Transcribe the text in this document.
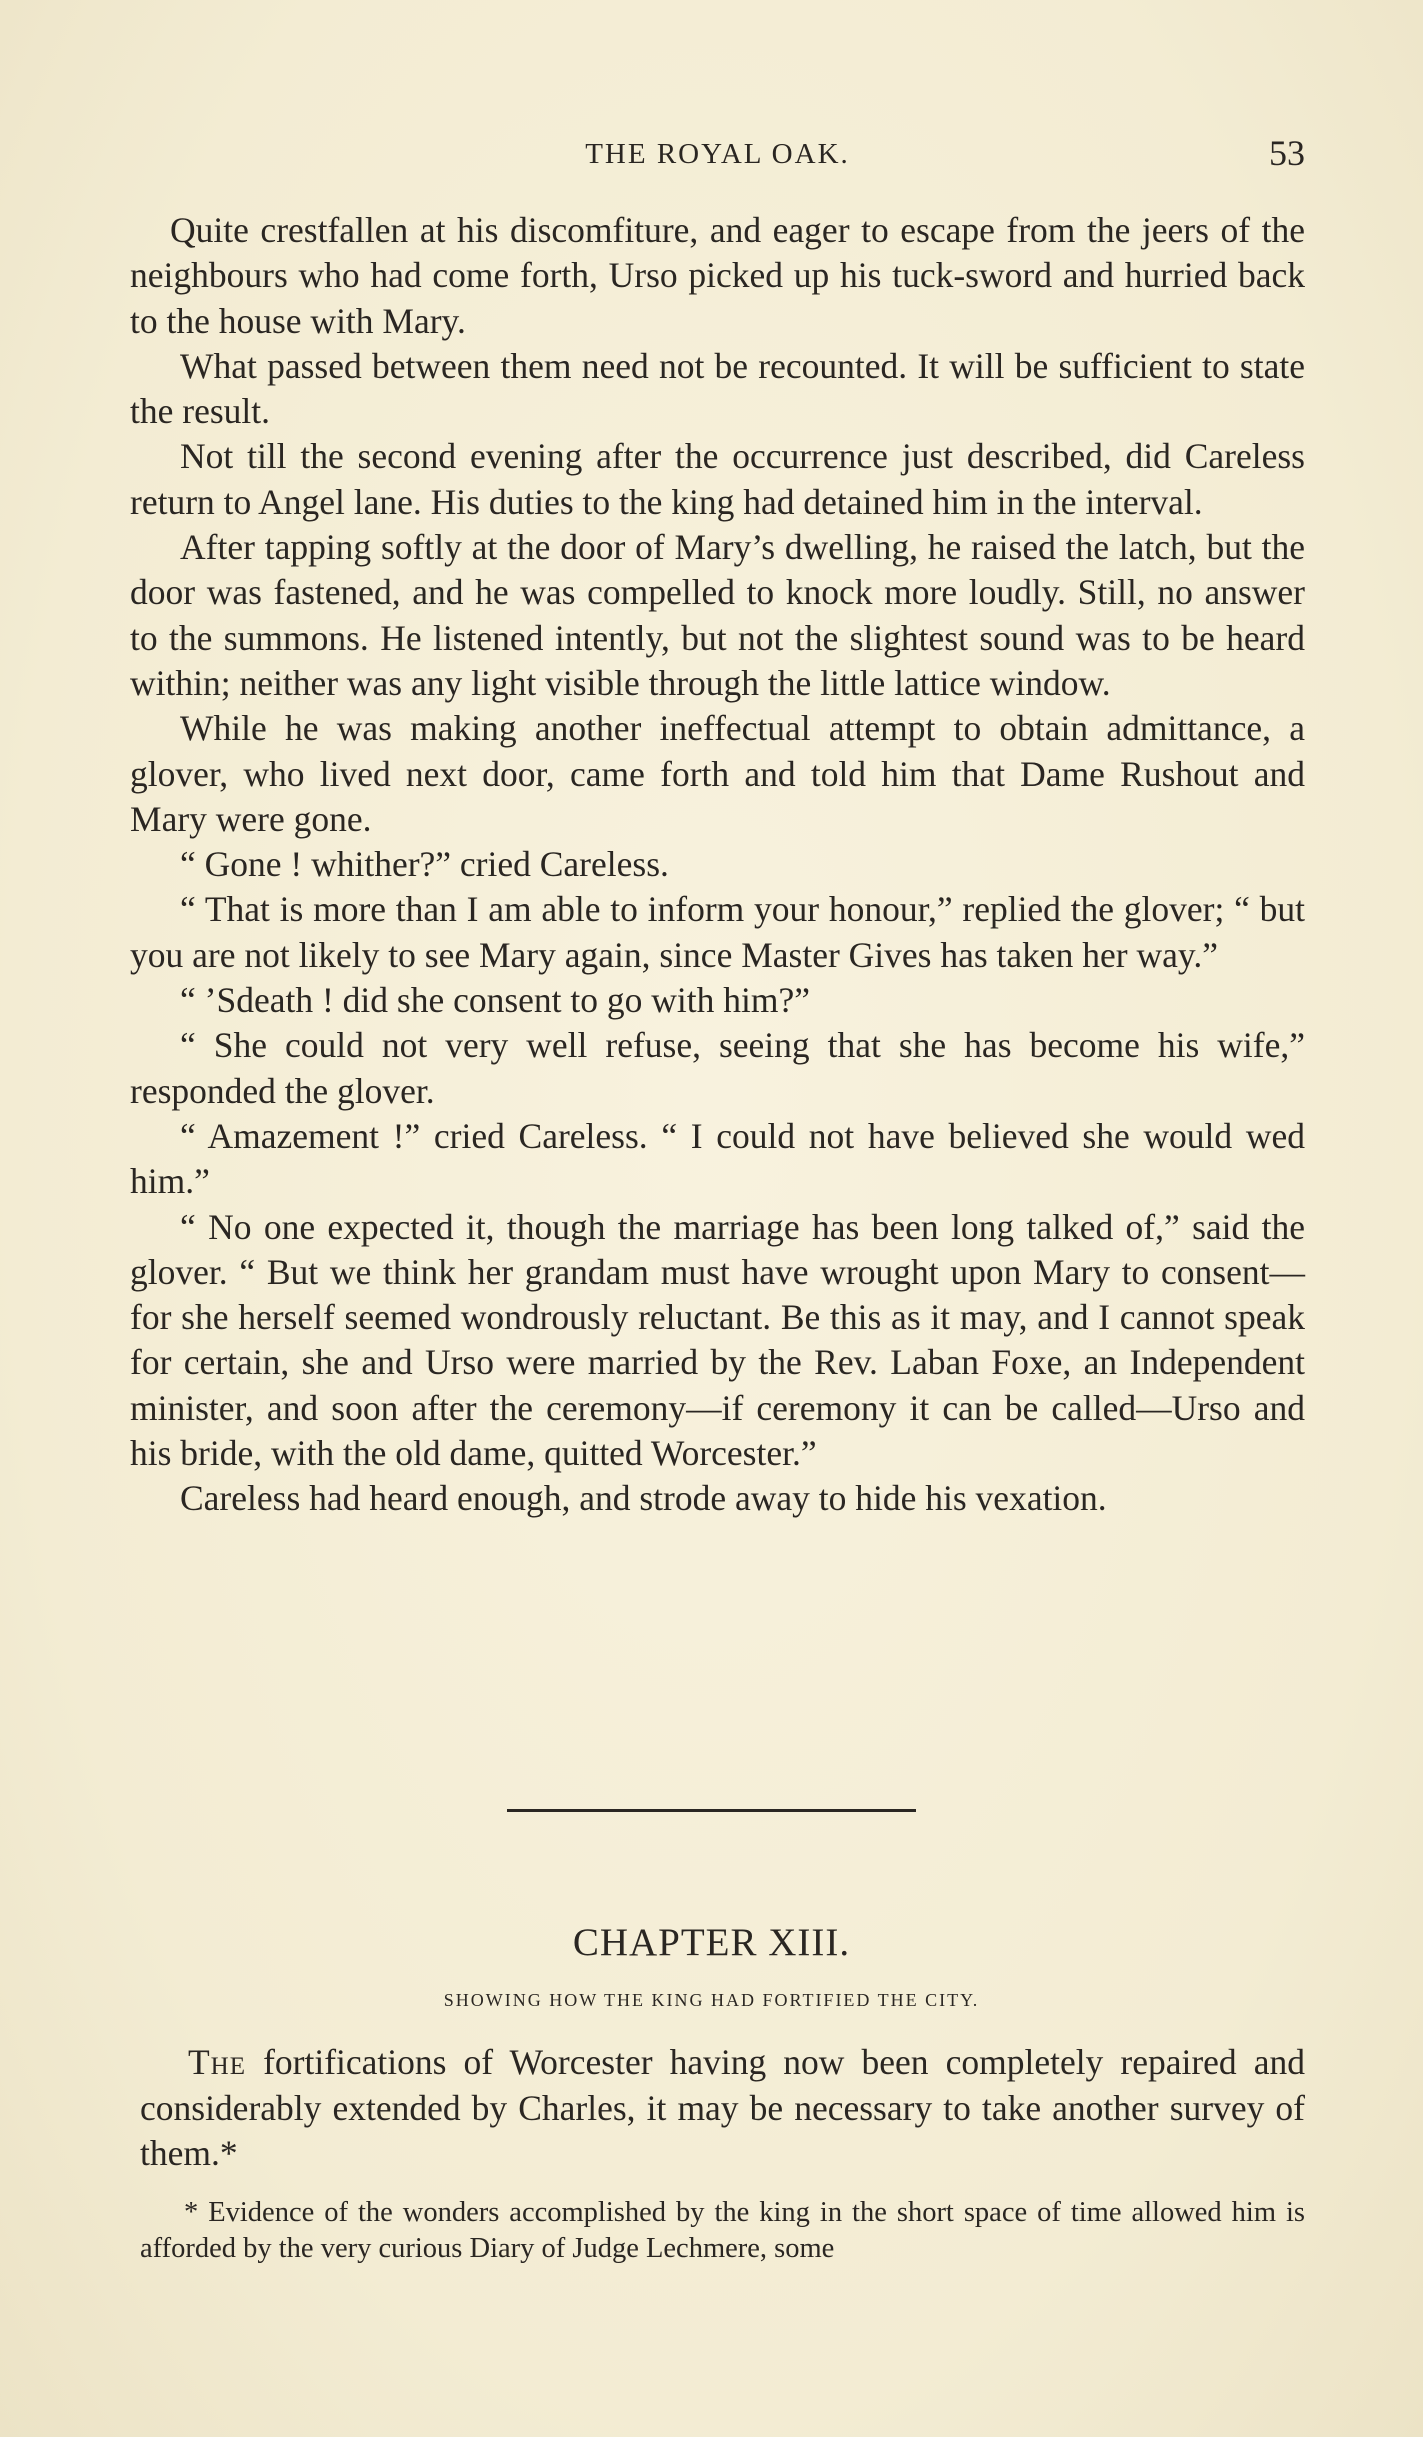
THE ROYAL OAK.	53

Quite crestfallen at his discomfiture, and eager to escape from the jeers of the neighbours who had come forth, Urso picked up his tuck-sword and hurried back to the house with Mary.

What passed between them need not be recounted. It will be sufficient to state the result.

Not till the second evening after the occurrence just described, did Careless return to Angel lane. His duties to the king had detained him in the interval.

After tapping softly at the door of Mary’s dwelling, he raised the latch, but the door was fastened, and he was compelled to knock more loudly. Still, no answer to the summons. He listened intently, but not the slightest sound was to be heard within; neither was any light visible through the little lattice window.

While he was making another ineffectual attempt to obtain admittance, a glover, who lived next door, came forth and told him that Dame Rushout and Mary were gone.

“ Gone ! whither?” cried Careless.

“ That is more than I am able to inform your honour,” replied the glover; “ but you are not likely to see Mary again, since Master Gives has taken her way.”

“ ’Sdeath ! did she consent to go with him?”

“ She could not very well refuse, seeing that she has become his wife,” responded the glover.

“ Amazement !” cried Careless. “ I could not have believed she would wed him.”

“ No one expected it, though the marriage has been long talked of,” said the glover. “ But we think her grandam must have wrought upon Mary to consent—for she herself seemed wondrously reluctant. Be this as it may, and I cannot speak for certain, she and Urso were married by the Rev. Laban Foxe, an Independent minister, and soon after the ceremony—if ceremony it can be called—Urso and his bride, with the old dame, quitted Worcester.”

Careless had heard enough, and strode away to hide his vexation.

CHAPTER XIII.
SHOWING HOW THE KING HAD FORTIFIED THE CITY.

The fortifications of Worcester having now been completely repaired and considerably extended by Charles, it may be necessary to take another survey of them.*

* Evidence of the wonders accomplished by the king in the short space of time allowed him is afforded by the very curious Diary of Judge Lechmere, some
